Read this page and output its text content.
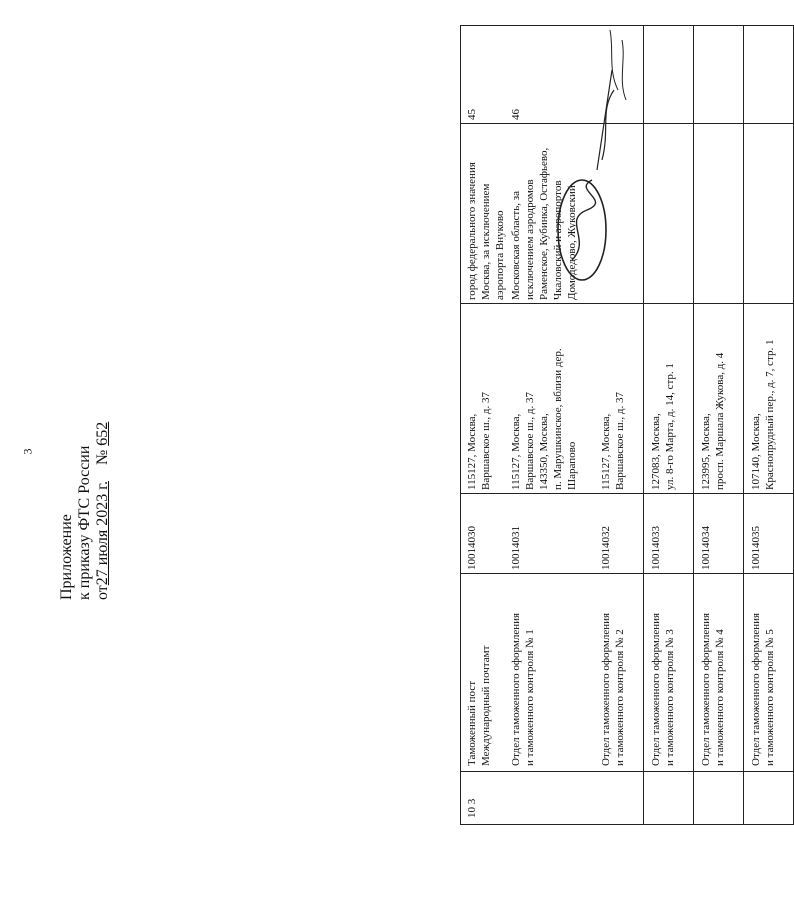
3
10 3
Таможенный пост
Международный почтамт
10014030
115127, Москва,
Варшавское ш., д. 37
город федерального значения
Москва, за исключением
аэропорта Внуково
45
Отдел таможенного оформления
и таможенного контроля № 1
10014031
115127, Москва,
Варшавское ш., д. 37
143350, Москва,
п. Марушкинское, вблизи дер.
Шарапово
Московская область, за
исключением аэродромов
Раменское, Кубинка, Остафьево,
Чкаловский и аэропортов
Домодедово, Жуковский
46
Отдел таможенного оформления
и таможенного контроля № 2
10014032
115127, Москва,
Варшавское ш., д. 37
Отдел таможенного оформления
и таможенного контроля № 3
10014033
127083, Москва,
ул. 8-го Марта, д. 14, стр. 1
Отдел таможенного оформления
и таможенного контроля № 4
10014034
123995, Москва,
просп. Маршала Жукова, д. 4
Отдел таможенного оформления
и таможенного контроля № 5
10014035
107140, Москва,
Краснопрудный пер., д. 7, стр. 1
Приложение к приказу ФТС России от27 июля 2023 г.    № 652
